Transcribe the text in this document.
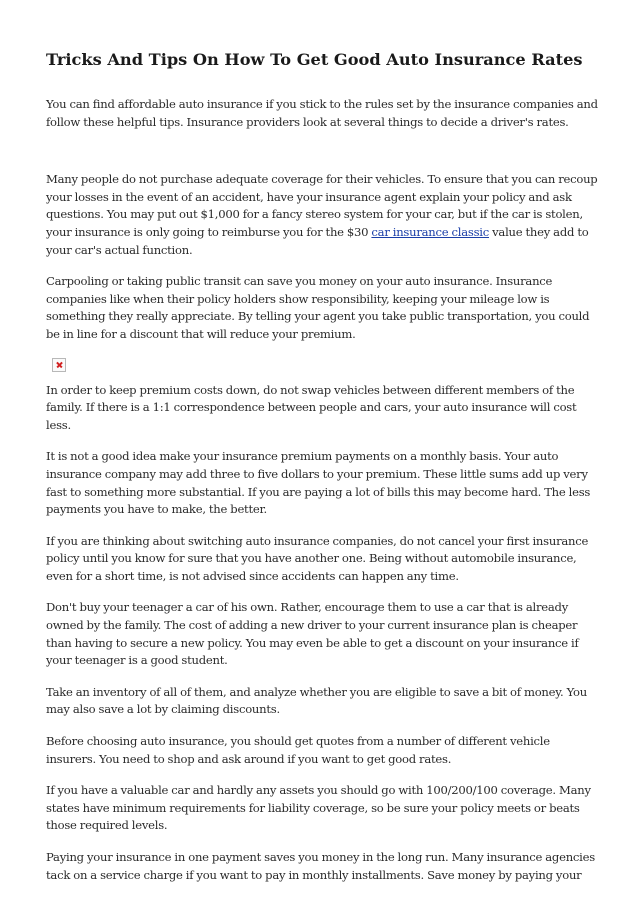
Tricks And Tips On How To Get Good Auto Insurance Rates

You can find affordable auto insurance if you stick to the rules set by the insurance companies and follow these helpful tips. Insurance providers look at several things to decide a driver's rates.

Many people do not purchase adequate coverage for their vehicles. To ensure that you can recoup your losses in the event of an accident, have your insurance agent explain your policy and ask questions. You may put out $1,000 for a fancy stereo system for your car, but if the car is stolen, your insurance is only going to reimburse you for the $30 car insurance classic value they add to your car's actual function.

Carpooling or taking public transit can save you money on your auto insurance. Insurance companies like when their policy holders show responsibility, keeping your mileage low is something they really appreciate. By telling your agent you take public transportation, you could be in line for a discount that will reduce your premium.

In order to keep premium costs down, do not swap vehicles between different members of the family. If there is a 1:1 correspondence between people and cars, your auto insurance will cost less.

It is not a good idea make your insurance premium payments on a monthly basis. Your auto insurance company may add three to five dollars to your premium. These little sums add up very fast to something more substantial. If you are paying a lot of bills this may become hard. The less payments you have to make, the better.

If you are thinking about switching auto insurance companies, do not cancel your first insurance policy until you know for sure that you have another one. Being without automobile insurance, even for a short time, is not advised since accidents can happen any time.

Don't buy your teenager a car of his own. Rather, encourage them to use a car that is already owned by the family. The cost of adding a new driver to your current insurance plan is cheaper than having to secure a new policy. You may even be able to get a discount on your insurance if your teenager is a good student.

Take an inventory of all of them, and analyze whether you are eligible to save a bit of money. You may also save a lot by claiming discounts.

Before choosing auto insurance, you should get quotes from a number of different vehicle insurers. You need to shop and ask around if you want to get good rates.

If you have a valuable car and hardly any assets you should go with 100/200/100 coverage. Many states have minimum requirements for liability coverage, so be sure your policy meets or beats those required levels.

Paying your insurance in one payment saves you money in the long run. Many insurance agencies tack on a service charge if you want to pay in monthly installments. Save money by paying your
